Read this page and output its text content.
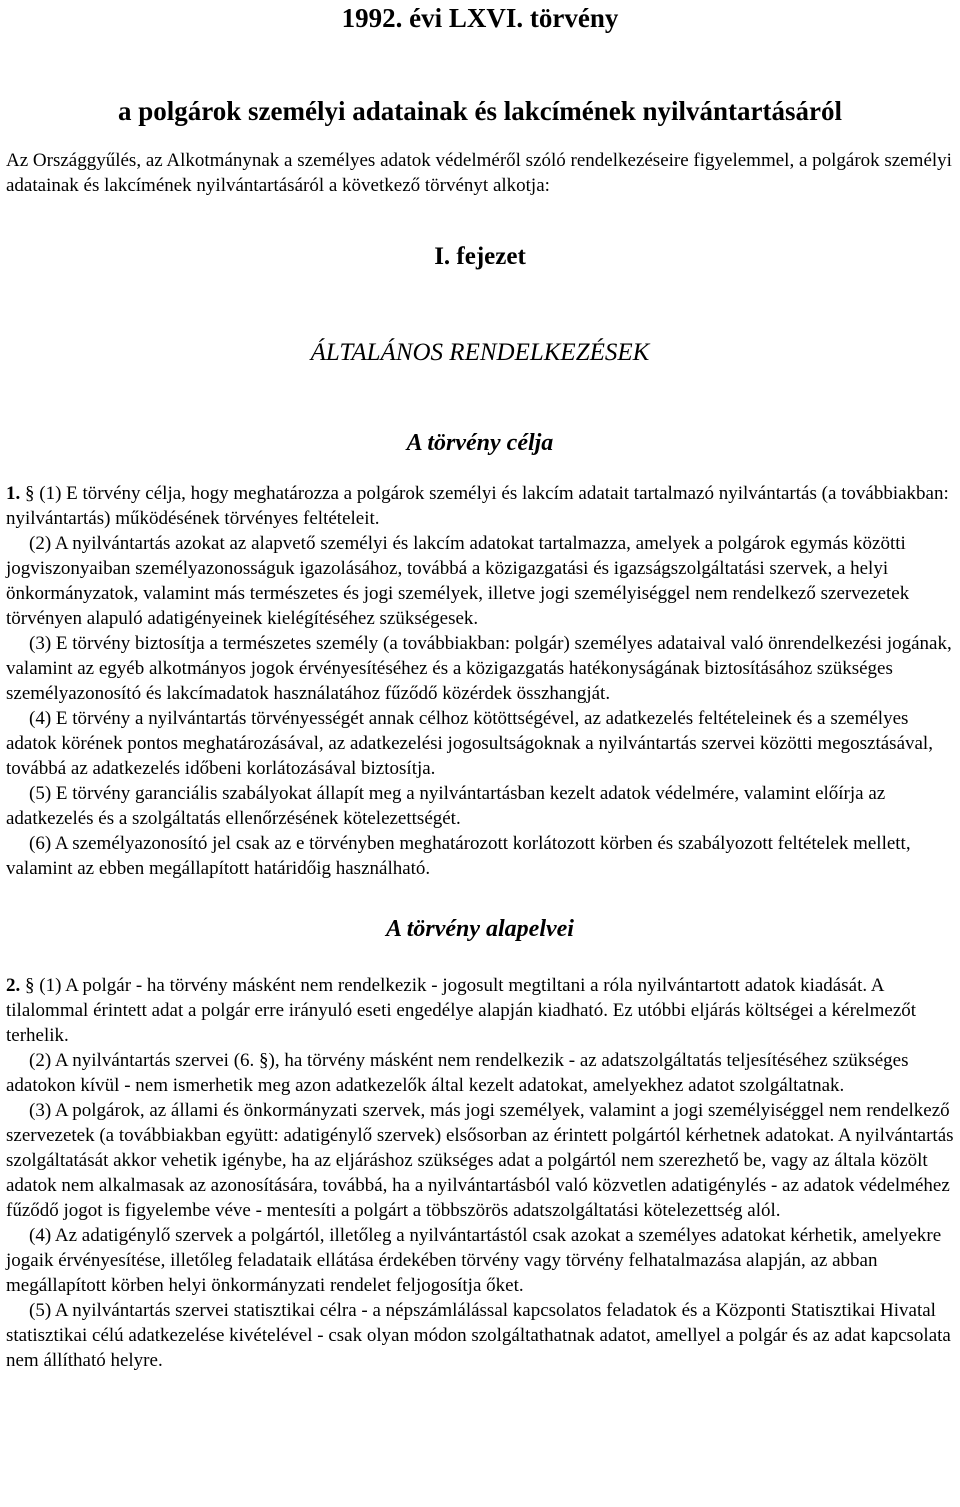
1992. évi LXVI. törvény
a polgárok személyi adatainak és lakcímének nyilvántartásáról

Az Országgyűlés, az Alkotmánynak a személyes adatok védelméről szóló rendelkezéseire figyelemmel, a polgárok személyi adatainak és lakcímének nyilvántartásáról a következő törvényt alkotja:

I. fejezet
ÁLTALÁNOS RENDELKEZÉSEK
A törvény célja

1. § (1) E törvény célja, hogy meghatározza a polgárok személyi és lakcím adatait tartalmazó nyilvántartás (a továbbiakban: nyilvántartás) működésének törvényes feltételeit.

(2) A nyilvántartás azokat az alapvető személyi és lakcím adatokat tartalmazza, amelyek a polgárok egymás közötti jogviszonyaiban személyazonosságuk igazolásához, továbbá a közigazgatási és igazságszolgáltatási szervek, a helyi önkormányzatok, valamint más természetes és jogi személyek, illetve jogi személyiséggel nem rendelkező szervezetek törvényen alapuló adatigényeinek kielégítéséhez szükségesek.

(3) E törvény biztosítja a természetes személy (a továbbiakban: polgár) személyes adataival való önrendelkezési jogának, valamint az egyéb alkotmányos jogok érvényesítéséhez és a közigazgatás hatékonyságának biztosításához szükséges személyazonosító és lakcímadatok használatához fűződő közérdek összhangját.

(4) E törvény a nyilvántartás törvényességét annak célhoz kötöttségével, az adatkezelés feltételeinek és a személyes adatok körének pontos meghatározásával, az adatkezelési jogosultságoknak a nyilvántartás szervei közötti megosztásával, továbbá az adatkezelés időbeni korlátozásával biztosítja.

(5) E törvény garanciális szabályokat állapít meg a nyilvántartásban kezelt adatok védelmére, valamint előírja az adatkezelés és a szolgáltatás ellenőrzésének kötelezettségét.

(6) A személyazonosító jel csak az e törvényben meghatározott korlátozott körben és szabályozott feltételek mellett, valamint az ebben megállapított határidőig használható.

A törvény alapelvei

2. § (1) A polgár - ha törvény másként nem rendelkezik - jogosult megtiltani a róla nyilvántartott adatok kiadását. A tilalommal érintett adat a polgár erre irányuló eseti engedélye alapján kiadható. Ez utóbbi eljárás költségei a kérelmezőt terhelik.

(2) A nyilvántartás szervei (6. §), ha törvény másként nem rendelkezik - az adatszolgáltatás teljesítéséhez szükséges adatokon kívül - nem ismerhetik meg azon adatkezelők által kezelt adatokat, amelyekhez adatot szolgáltatnak.

(3) A polgárok, az állami és önkormányzati szervek, más jogi személyek, valamint a jogi személyiséggel nem rendelkező szervezetek (a továbbiakban együtt: adatigénylő szervek) elsősorban az érintett polgártól kérhetnek adatokat. A nyilvántartás szolgáltatását akkor vehetik igénybe, ha az eljáráshoz szükséges adat a polgártól nem szerezhető be, vagy az általa közölt adatok nem alkalmasak az azonosítására, továbbá, ha a nyilvántartásból való közvetlen adatigénylés - az adatok védelméhez fűződő jogot is figyelembe véve - mentesíti a polgárt a többszörös adatszolgáltatási kötelezettség alól.

(4) Az adatigénylő szervek a polgártól, illetőleg a nyilvántartástól csak azokat a személyes adatokat kérhetik, amelyekre jogaik érvényesítése, illetőleg feladataik ellátása érdekében törvény vagy törvény felhatalmazása alapján, az abban megállapított körben helyi önkormányzati rendelet feljogosítja őket.

(5) A nyilvántartás szervei statisztikai célra - a népszámlálással kapcsolatos feladatok és a Központi Statisztikai Hivatal statisztikai célú adatkezelése kivételével - csak olyan módon szolgáltathatnak adatot, amellyel a polgár és az adat kapcsolata nem állítható helyre.
